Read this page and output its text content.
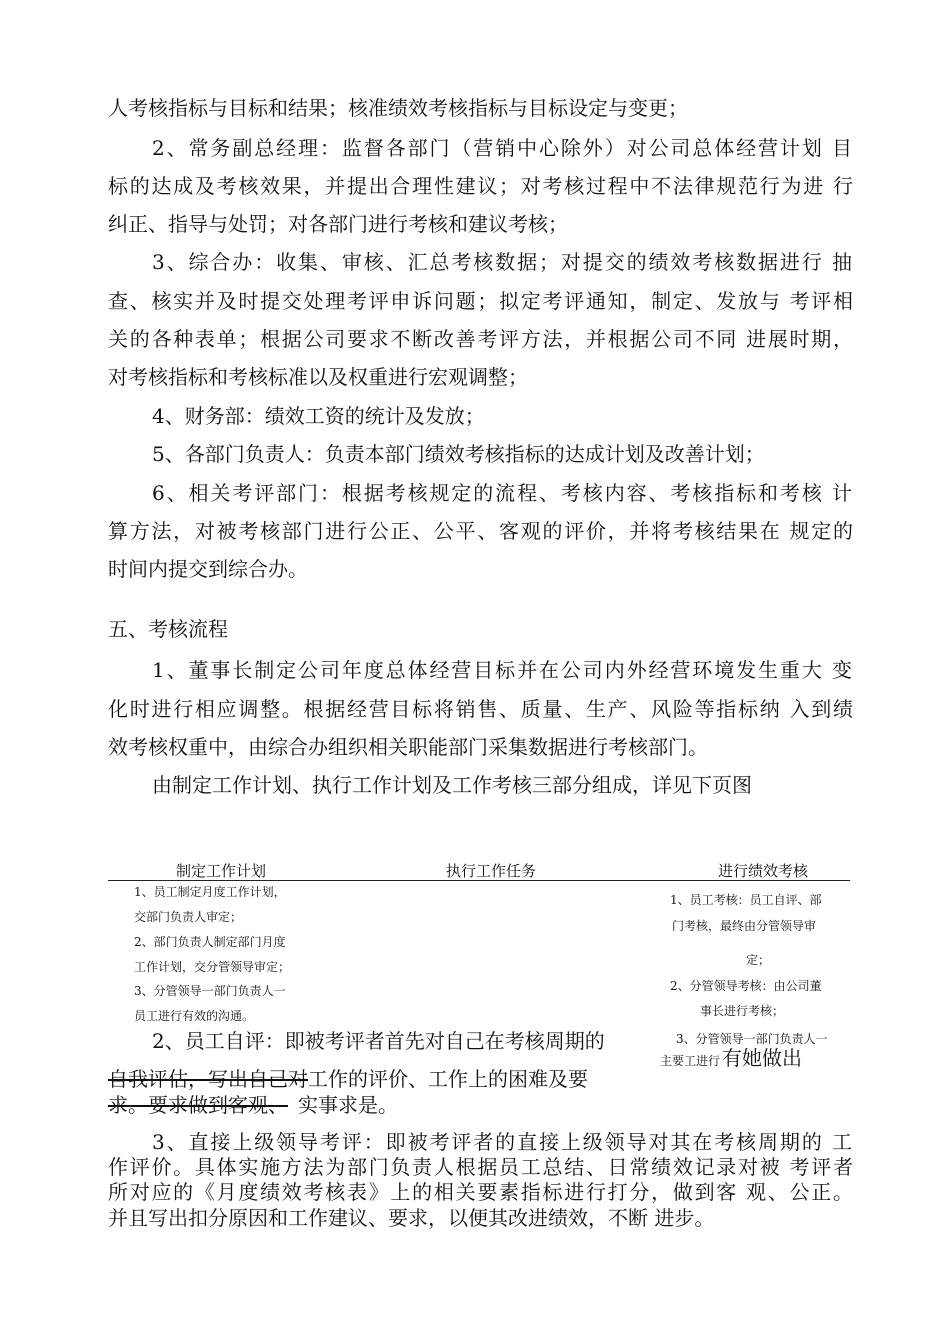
人考核指标与目标和结果；核准绩效考核指标与目标设定与变更；
2、常务副总经理：监督各部门（营销中心除外）对公司总体经营计划 目
标的达成及考核效果，并提出合理性建议；对考核过程中不法律规范行为进 行
纠正、指导与处罚；对各部门进行考核和建议考核；
3、综合办：收集、审核、汇总考核数据；对提交的绩效考核数据进行 抽
查、核实并及时提交处理考评申诉问题；拟定考评通知，制定、发放与 考评相
关的各种表单；根据公司要求不断改善考评方法，并根据公司不同 进展时期，
对考核指标和考核标准以及权重进行宏观调整；
4、财务部：绩效工资的统计及发放；
5、各部门负责人：负责本部门绩效考核指标的达成计划及改善计划；
6、相关考评部门：根据考核规定的流程、考核内容、考核指标和考核 计
算方法，对被考核部门进行公正、公平、客观的评价，并将考核结果在 规定的
时间内提交到综合办。
五、考核流程
1、董事长制定公司年度总体经营目标并在公司内外经营环境发生重大 变
化时进行相应调整。根据经营目标将销售、质量、生产、风险等指标纳 入到绩
效考核权重中，由综合办组织相关职能部门采集数据进行考核部门。
由制定工作计划、执行工作计划及工作考核三部分组成，详见下页图
制定工作计划	执行工作任务	进行绩效考核
1、员工制定月度工作计划，
交部门负责人审定；
2、部门负责人制定部门月度
工作计划，交分管领导审定；
3、分管领导一部门负责人一
员工进行有效的沟通。
1、员工考核：员工自评、部
门考核，最终由分管领导审
定；
2、分管领导考核：由公司董
事长进行考核；
3、分管领导一部门负责人一
主要工进行 有她做出
2、员工自评：即被考评者首先对自己在考核周期的
自我评估，写出自己对工作的评价、工作上的困难及要
求。要求做到客观、 实事求是。
3、直接上级领导考评：即被考评者的直接上级领导对其在考核周期的 工
作评价。具体实施方法为部门负责人根据员工总结、日常绩效记录对被 考评者
所对应的《月度绩效考核表》上的相关要素指标进行打分，做到客 观、公正。
并且写出扣分原因和工作建议、要求，以便其改进绩效，不断 进步。
